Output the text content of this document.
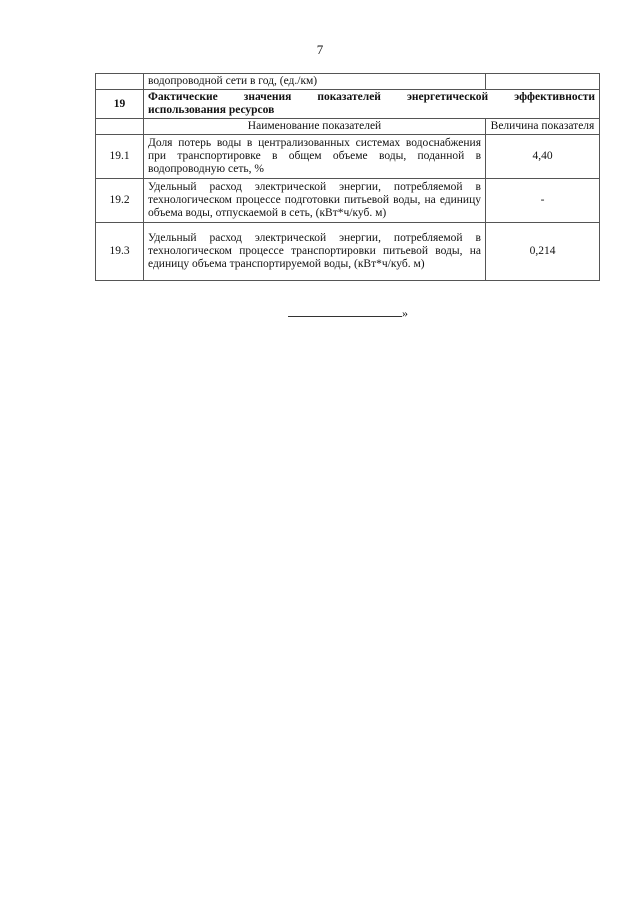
7
	водопроводной сети в год, (ед./км)	
19	Фактические значения показателей энергетической эффективности
использования ресурсов	

	Наименование показателей	Величина показателя
19.1	Доля потерь воды в централизованных системах водоснабжения при транспортировке в общем объеме воды, поданной в водопроводную сеть, %	4,40
19.2	Удельный расход электрической энергии, потребляемой в технологическом процессе подготовки питьевой воды, на единицу объема воды, отпускаемой в сеть, (кВт*ч/куб. м)	-
19.3	Удельный расход электрической энергии, потребляемой в технологическом процессе транспортировки питьевой воды, на единицу объема транспортируемой воды, (кВт*ч/куб. м)	0,214
»
